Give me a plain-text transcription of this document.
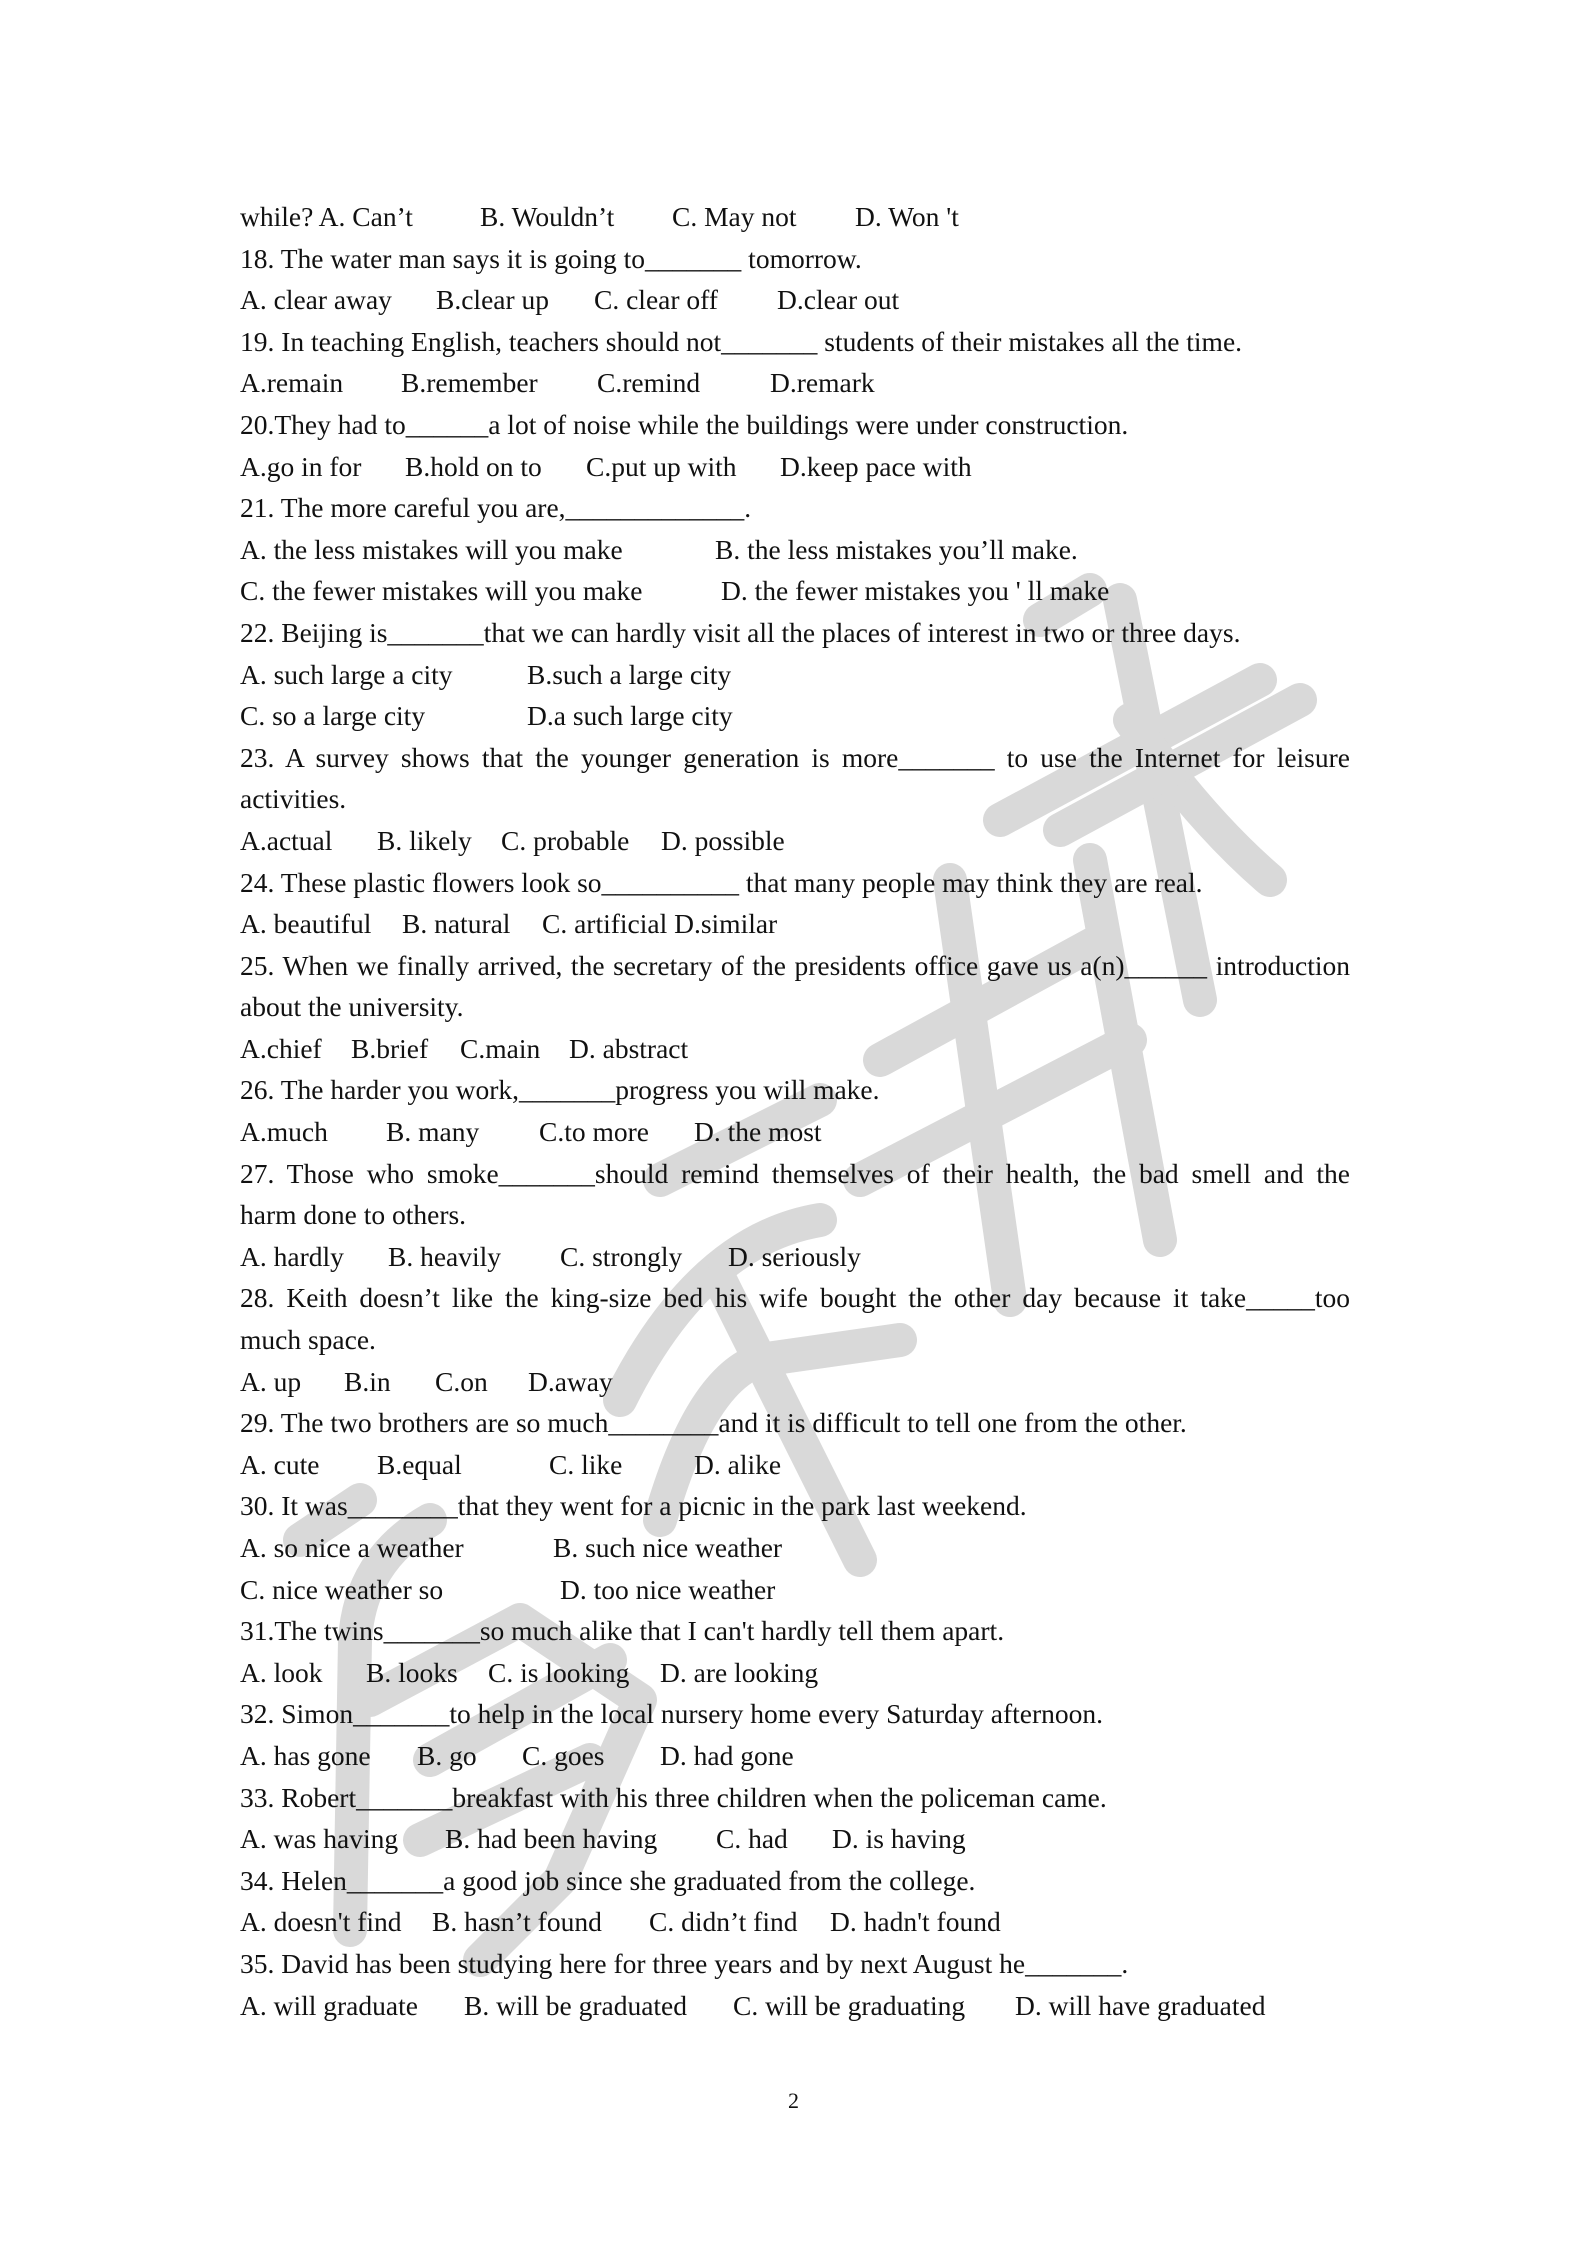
while? A. Can’t B. Wouldn’t C. May not D. Won 't
18. The water man says it is going to_______ tomorrow.
A. clear away B.clear up C. clear off D.clear out
19. In teaching English, teachers should not_______ students of their mistakes all the time.
A.remain B.remember C.remind	D.remark
20.They had to______a lot of noise while the buildings were under construction.
A.go in for B.hold on to C.put up with D.keep pace with
21. The more careful you are,_____________.
A. the less mistakes will you make	B. the less mistakes you’ll make.
C. the fewer mistakes will you make	D. the fewer mistakes you ' ll make
22. Beijing is_______that we can hardly visit all the places of interest in two or three days.
A. such large a city	B.such a large city
C. so a large city	D.a such large city
23. A survey shows that the younger generation is more_______ to use the Internet for leisure
activities.
A.actual B. likely C. probable D. possible
24. These plastic flowers look so__________ that many people may think they are real.
A. beautiful B. natural C. artificial D.similar
25. When we finally arrived, the secretary of the presidents office gave us a(n)______ introduction
about the university.
A.chief B.brief C.main D. abstract
26. The harder you work,_______progress you will make.
A.much B. many C.to more D. the most
27. Those who smoke_______should remind themselves of their health, the bad smell and the
harm done to others.
A. hardly B. heavily C. strongly D. seriously
28. Keith doesn’t like the king-size bed his wife bought the other day because it take_____too
much space.
A. up B.in C.on D.away
29. The two brothers are so much________and it is difficult to tell one from the other.
A. cute B.equal	C. like	D. alike
30. It was________that they went for a picnic in the park last weekend.
A. so nice a weather	B. such nice weather
C. nice weather so	D. too nice weather
31.The twins_______so much alike that I can't hardly tell them apart.
A. look B. looks C. is looking D. are looking
32. Simon_______to help in the local nursery home every Saturday afternoon.
A. has gone B. go C. goes D. had gone
33. Robert_______breakfast with his three children when the policeman came.
A. was having B. had been having C. had D. is having
34. Helen_______a good job since she graduated from the college.
A. doesn't find B. hasn’t found C. didn’t find D. hadn't found
35. David has been studying here for three years and by next August he_______.
A. will graduate B. will be graduated C. will be graduating D. will have graduated
2
